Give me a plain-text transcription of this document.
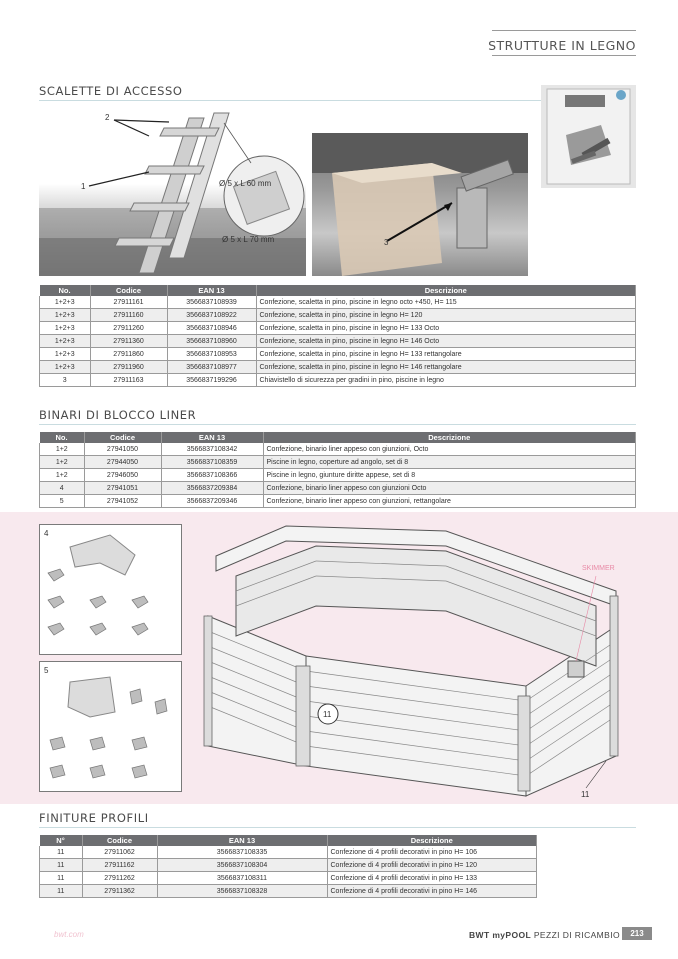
STRUTTURE IN LEGNO
SCALETTE DI ACCESSO
Ø 5 x L 60 mm
Ø 5 x L 70 mm
2
1
3
No.	Codice	EAN 13	Descrizione
1+2+3	27911161	3566837108939	Confezione, scaletta in pino, piscine in legno octo +450, H= 115
1+2+3	27911160	3566837108922	Confezione, scaletta in pino, piscine in legno H= 120
1+2+3	27911260	3566837108946	Confezione, scaletta in pino, piscine in legno H= 133 Octo
1+2+3	27911360	3566837108960	Confezione, scaletta in pino, piscine in legno H= 146 Octo
1+2+3	27911860	3566837108953	Confezione, scaletta in pino, piscine in legno H= 133 rettangolare
1+2+3	27911960	3566837108977	Confezione, scaletta in pino, piscine in legno H= 146 rettangolare
3	27911163	3566837199296	Chiavistello di sicurezza per gradini in pino, piscine in legno
BINARI DI BLOCCO LINER
No.	Codice	EAN 13	Descrizione
1+2	27941050	3566837108342	Confezione, binario liner appeso con giunzioni, Octo
1+2	27944050	3566837108359	Piscine in legno, coperture ad angolo, set di 8
1+2	27946050	3566837108366	Piscine in legno, giunture diritte appese, set di 8
4	27941051	3566837209384	Confezione, binario liner appeso con giunzioni Octo
5	27941052	3566837209346	Confezione, binario liner appeso con giunzioni, rettangolare
4
5
SKIMMER
11
11
FINITURE PROFILI
N°	Codice	EAN 13	Descrizione
11	27911062	3566837108335	Confezione di 4 profili decorativi in pino H= 106
11	27911162	3566837108304	Confezione di 4 profili decorativi in pino H= 120
11	27911262	3566837108311	Confezione di 4 profili decorativi in pino H= 133
11	27911362	3566837108328	Confezione di 4 profili decorativi in pino H= 146
bwt.com	BWT myPOOL PEZZI DI RICAMBIO	213
